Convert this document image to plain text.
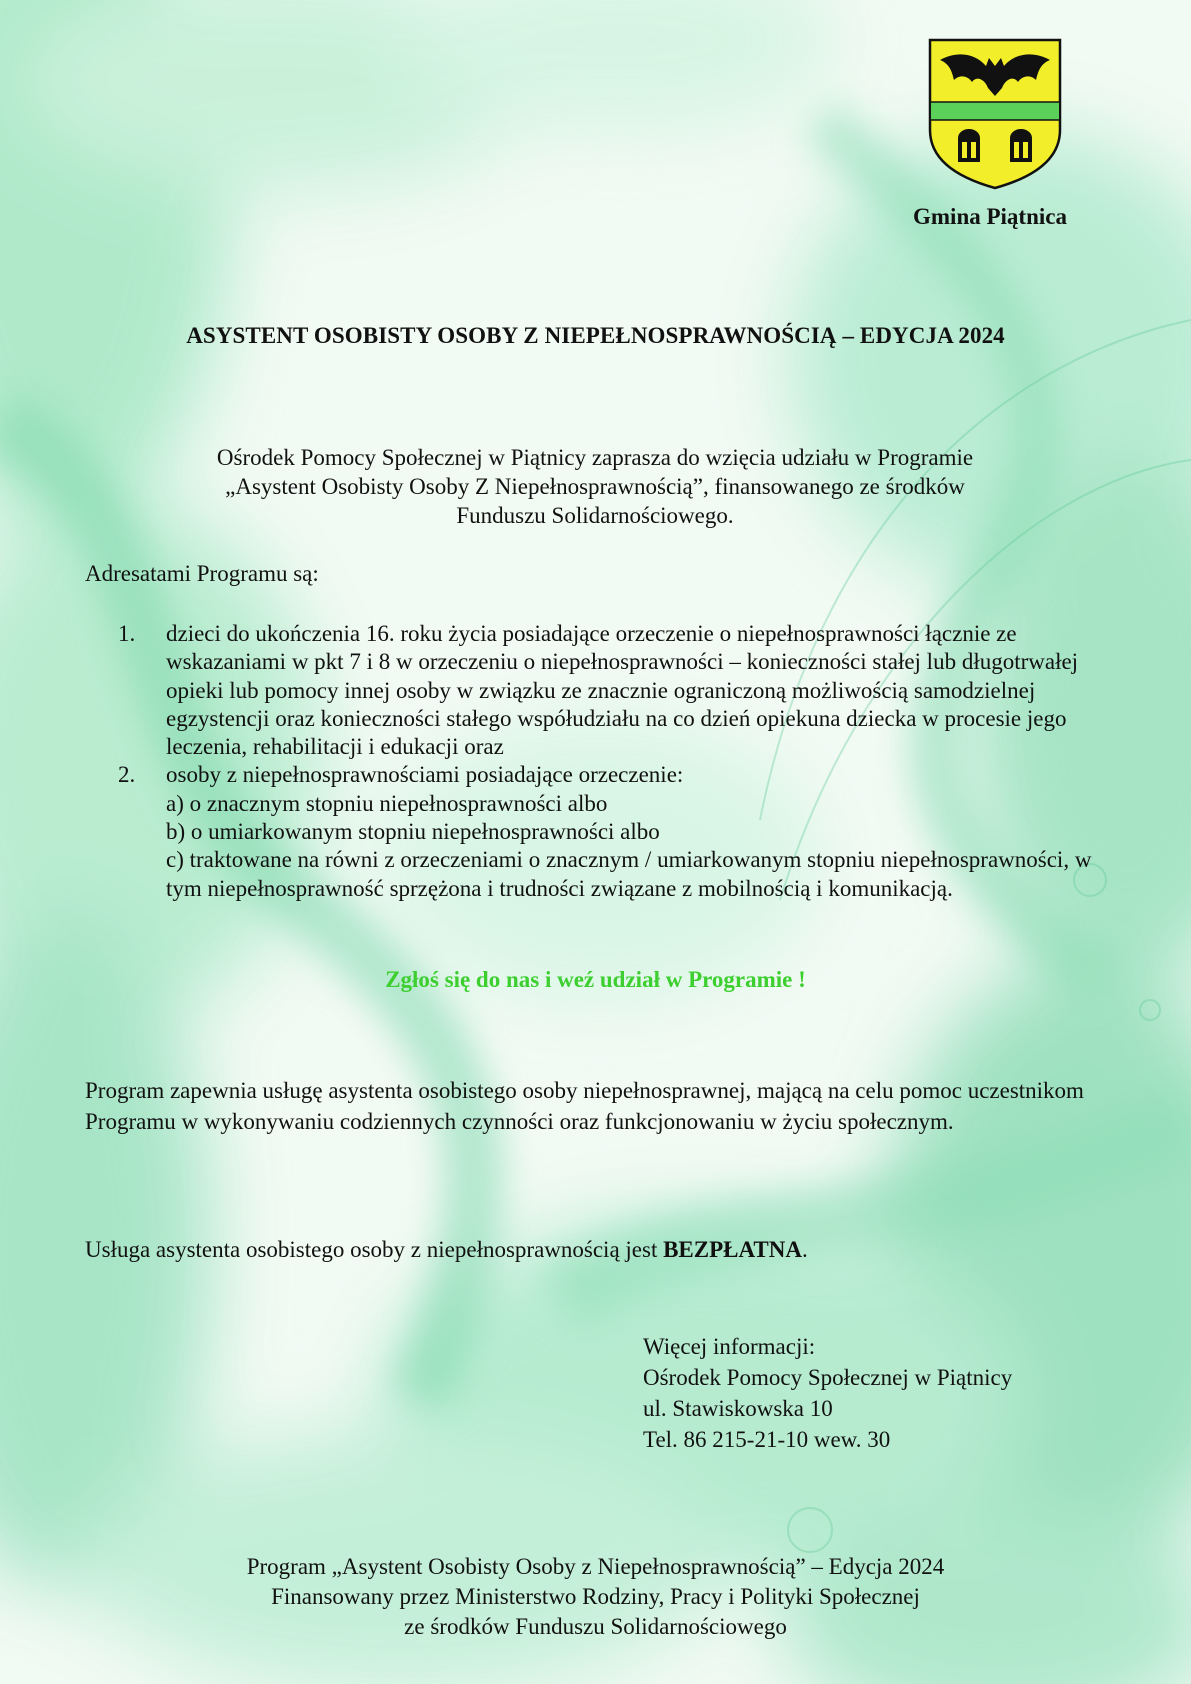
Gmina Piątnica
ASYSTENT OSOBISTY OSOBY Z NIEPEŁNOSPRAWNOŚCIĄ – EDYCJA 2024
Ośrodek Pomocy Społecznej w Piątnicy zaprasza do wzięcia udziału w Programie
„Asystent Osobisty Osoby Z Niepełnosprawnością”, finansowanego ze środków
Funduszu Solidarnościowego.
Adresatami Programu są:
1.	dzieci do ukończenia 16. roku życia posiadające orzeczenie o niepełnosprawności łącznie ze wskazaniami w pkt 7 i 8 w orzeczeniu o niepełnosprawności – konieczności stałej lub długotrwałej opieki lub pomocy innej osoby w związku ze znacznie ograniczoną możliwością samodzielnej egzystencji oraz konieczności stałego współudziału na co dzień opiekuna dziecka w procesie jego leczenia, rehabilitacji i edukacji oraz
2.	osoby z niepełnosprawnościami posiadające orzeczenie:
a) o znacznym stopniu niepełnosprawności albo
b) o umiarkowanym stopniu niepełnosprawności albo
c) traktowane na równi z orzeczeniami o znacznym / umiarkowanym stopniu niepełnosprawności, w tym niepełnosprawność sprzężona i trudności związane z mobilnością i komunikacją.
Zgłoś się do nas i weź udział w Programie !
Program zapewnia usługę asystenta osobistego osoby niepełnosprawnej, mającą na celu pomoc uczestnikom Programu w wykonywaniu codziennych czynności oraz funkcjonowaniu w życiu społecznym.
Usługa asystenta osobistego osoby z niepełnosprawnością jest BEZPŁATNA.
Więcej informacji:
Ośrodek Pomocy Społecznej w Piątnicy
ul. Stawiskowska 10
Tel. 86 215-21-10 wew. 30
Program „Asystent Osobisty Osoby z Niepełnosprawnością” – Edycja 2024
Finansowany przez Ministerstwo Rodziny, Pracy i Polityki Społecznej
ze środków Funduszu Solidarnościowego
